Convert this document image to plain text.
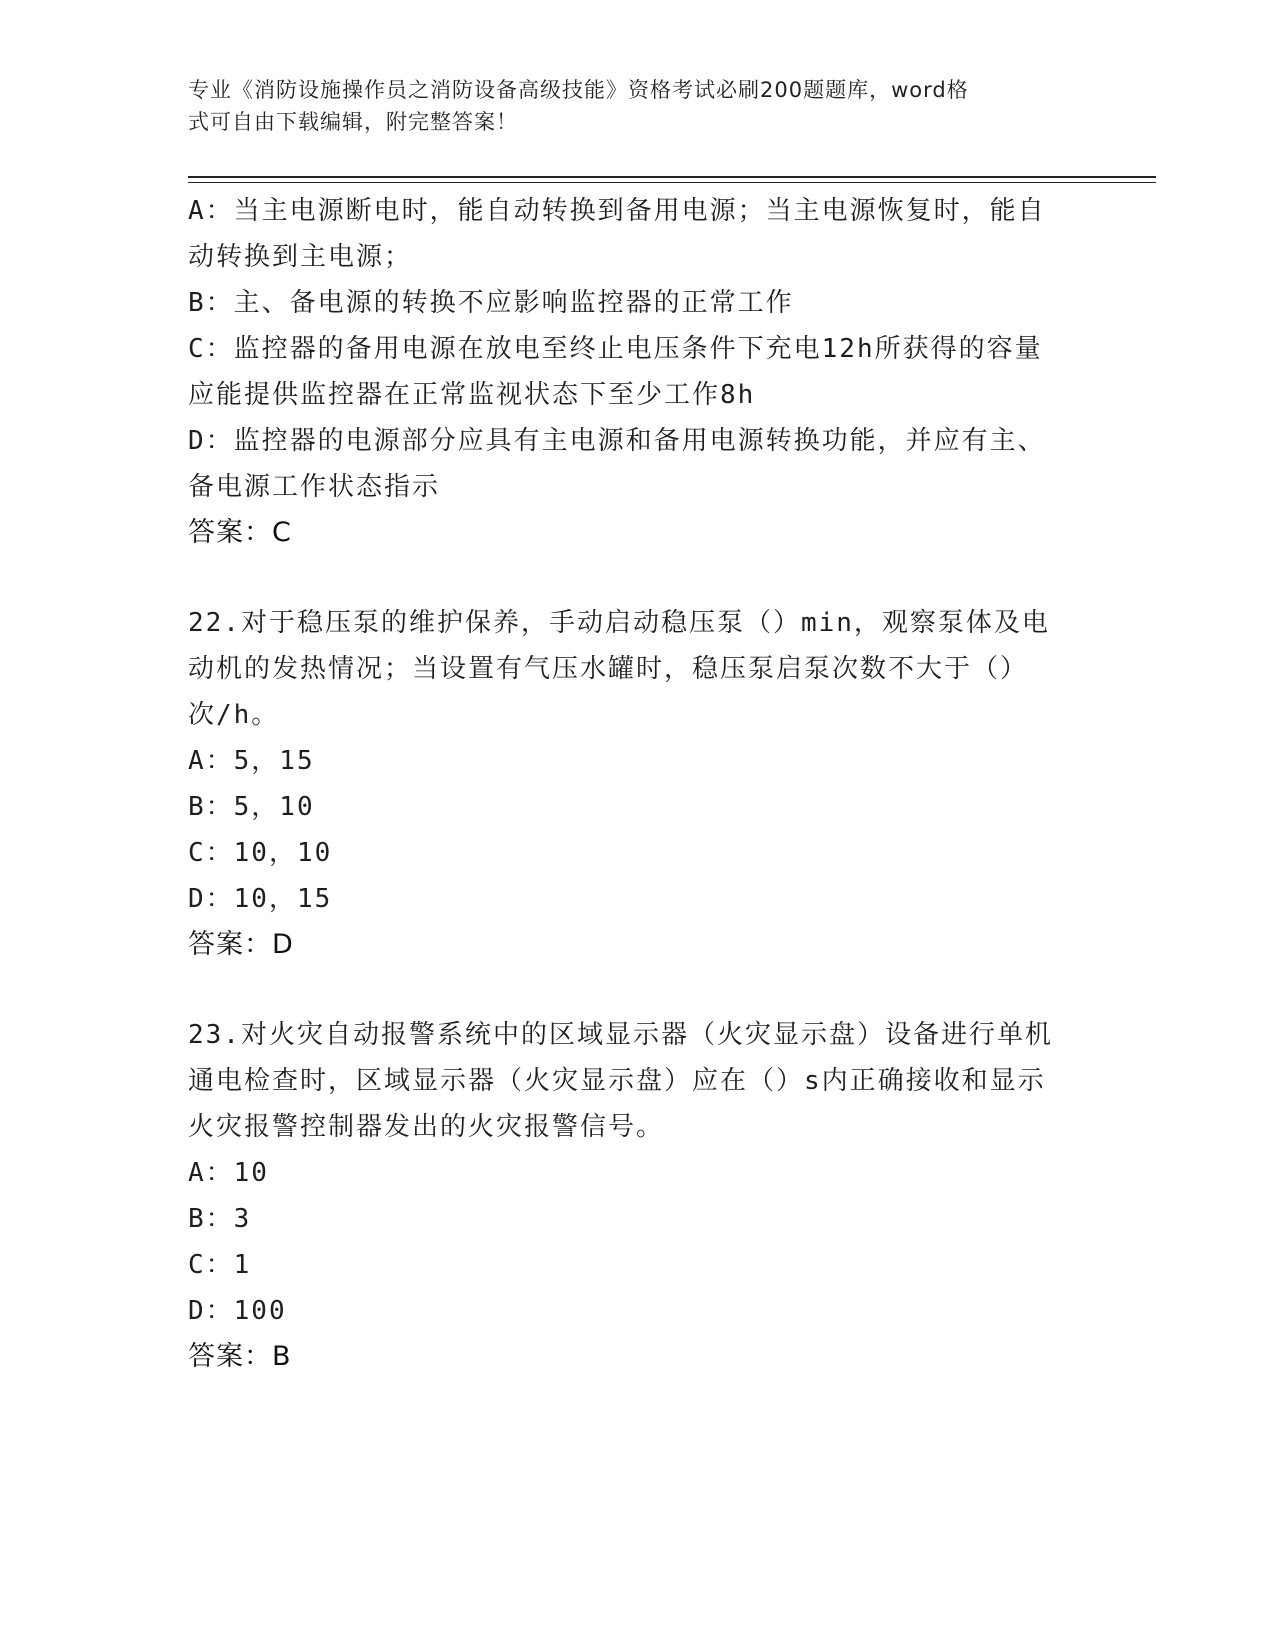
专业《消防设施操作员之消防设备高级技能》资格考试必刷200题题库，word格
式可自由下载编辑，附完整答案！
A：当主电源断电时，能自动转换到备用电源；当主电源恢复时，能自
动转换到主电源；
B：主、备电源的转换不应影响监控器的正常工作
C：监控器的备用电源在放电至终止电压条件下充电12h所获得的容量
应能提供监控器在正常监视状态下至少工作8h
D：监控器的电源部分应具有主电源和备用电源转换功能，并应有主、
备电源工作状态指示
答案：C
22.对于稳压泵的维护保养，手动启动稳压泵（）min，观察泵体及电
动机的发热情况；当设置有气压水罐时，稳压泵启泵次数不大于（）
次/h。
A：5，15
B：5，10
C：10，10
D：10，15
答案：D
23.对火灾自动报警系统中的区域显示器（火灾显示盘）设备进行单机
通电检查时，区域显示器（火灾显示盘）应在（）s内正确接收和显示
火灾报警控制器发出的火灾报警信号。
A：10
B：3
C：1
D：100
答案：B
